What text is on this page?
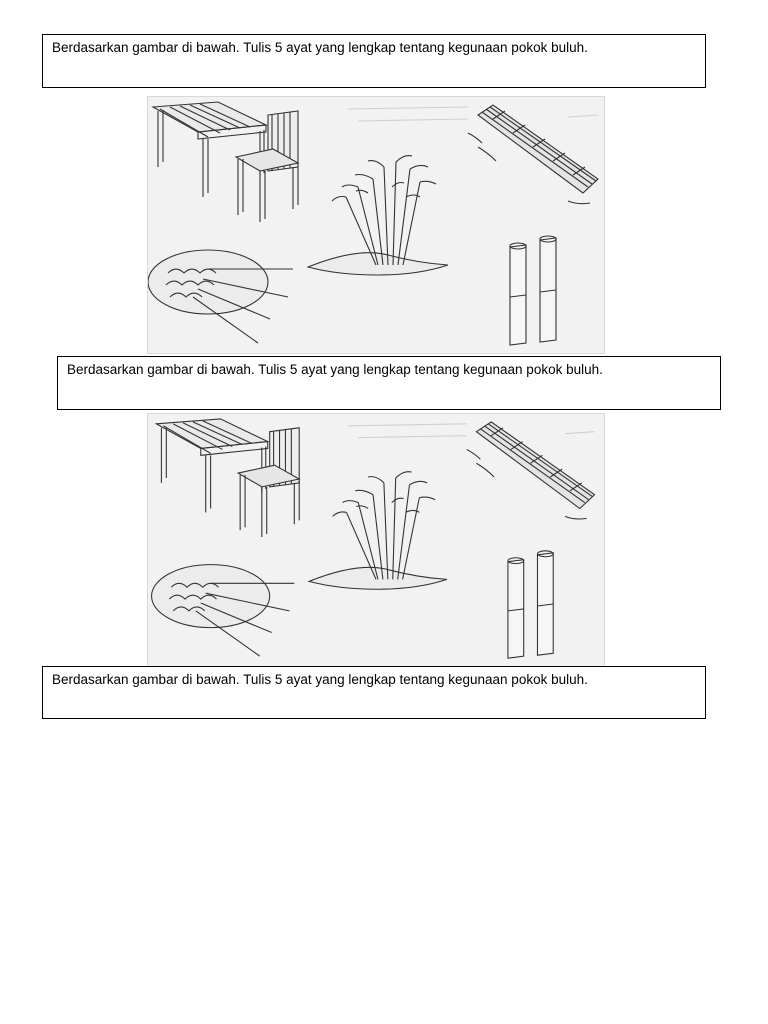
Berdasarkan gambar di bawah. Tulis 5 ayat yang lengkap tentang kegunaan pokok buluh.
Berdasarkan gambar di bawah. Tulis 5 ayat yang lengkap tentang kegunaan pokok buluh.
Berdasarkan gambar di bawah. Tulis 5 ayat yang lengkap tentang kegunaan pokok buluh.
